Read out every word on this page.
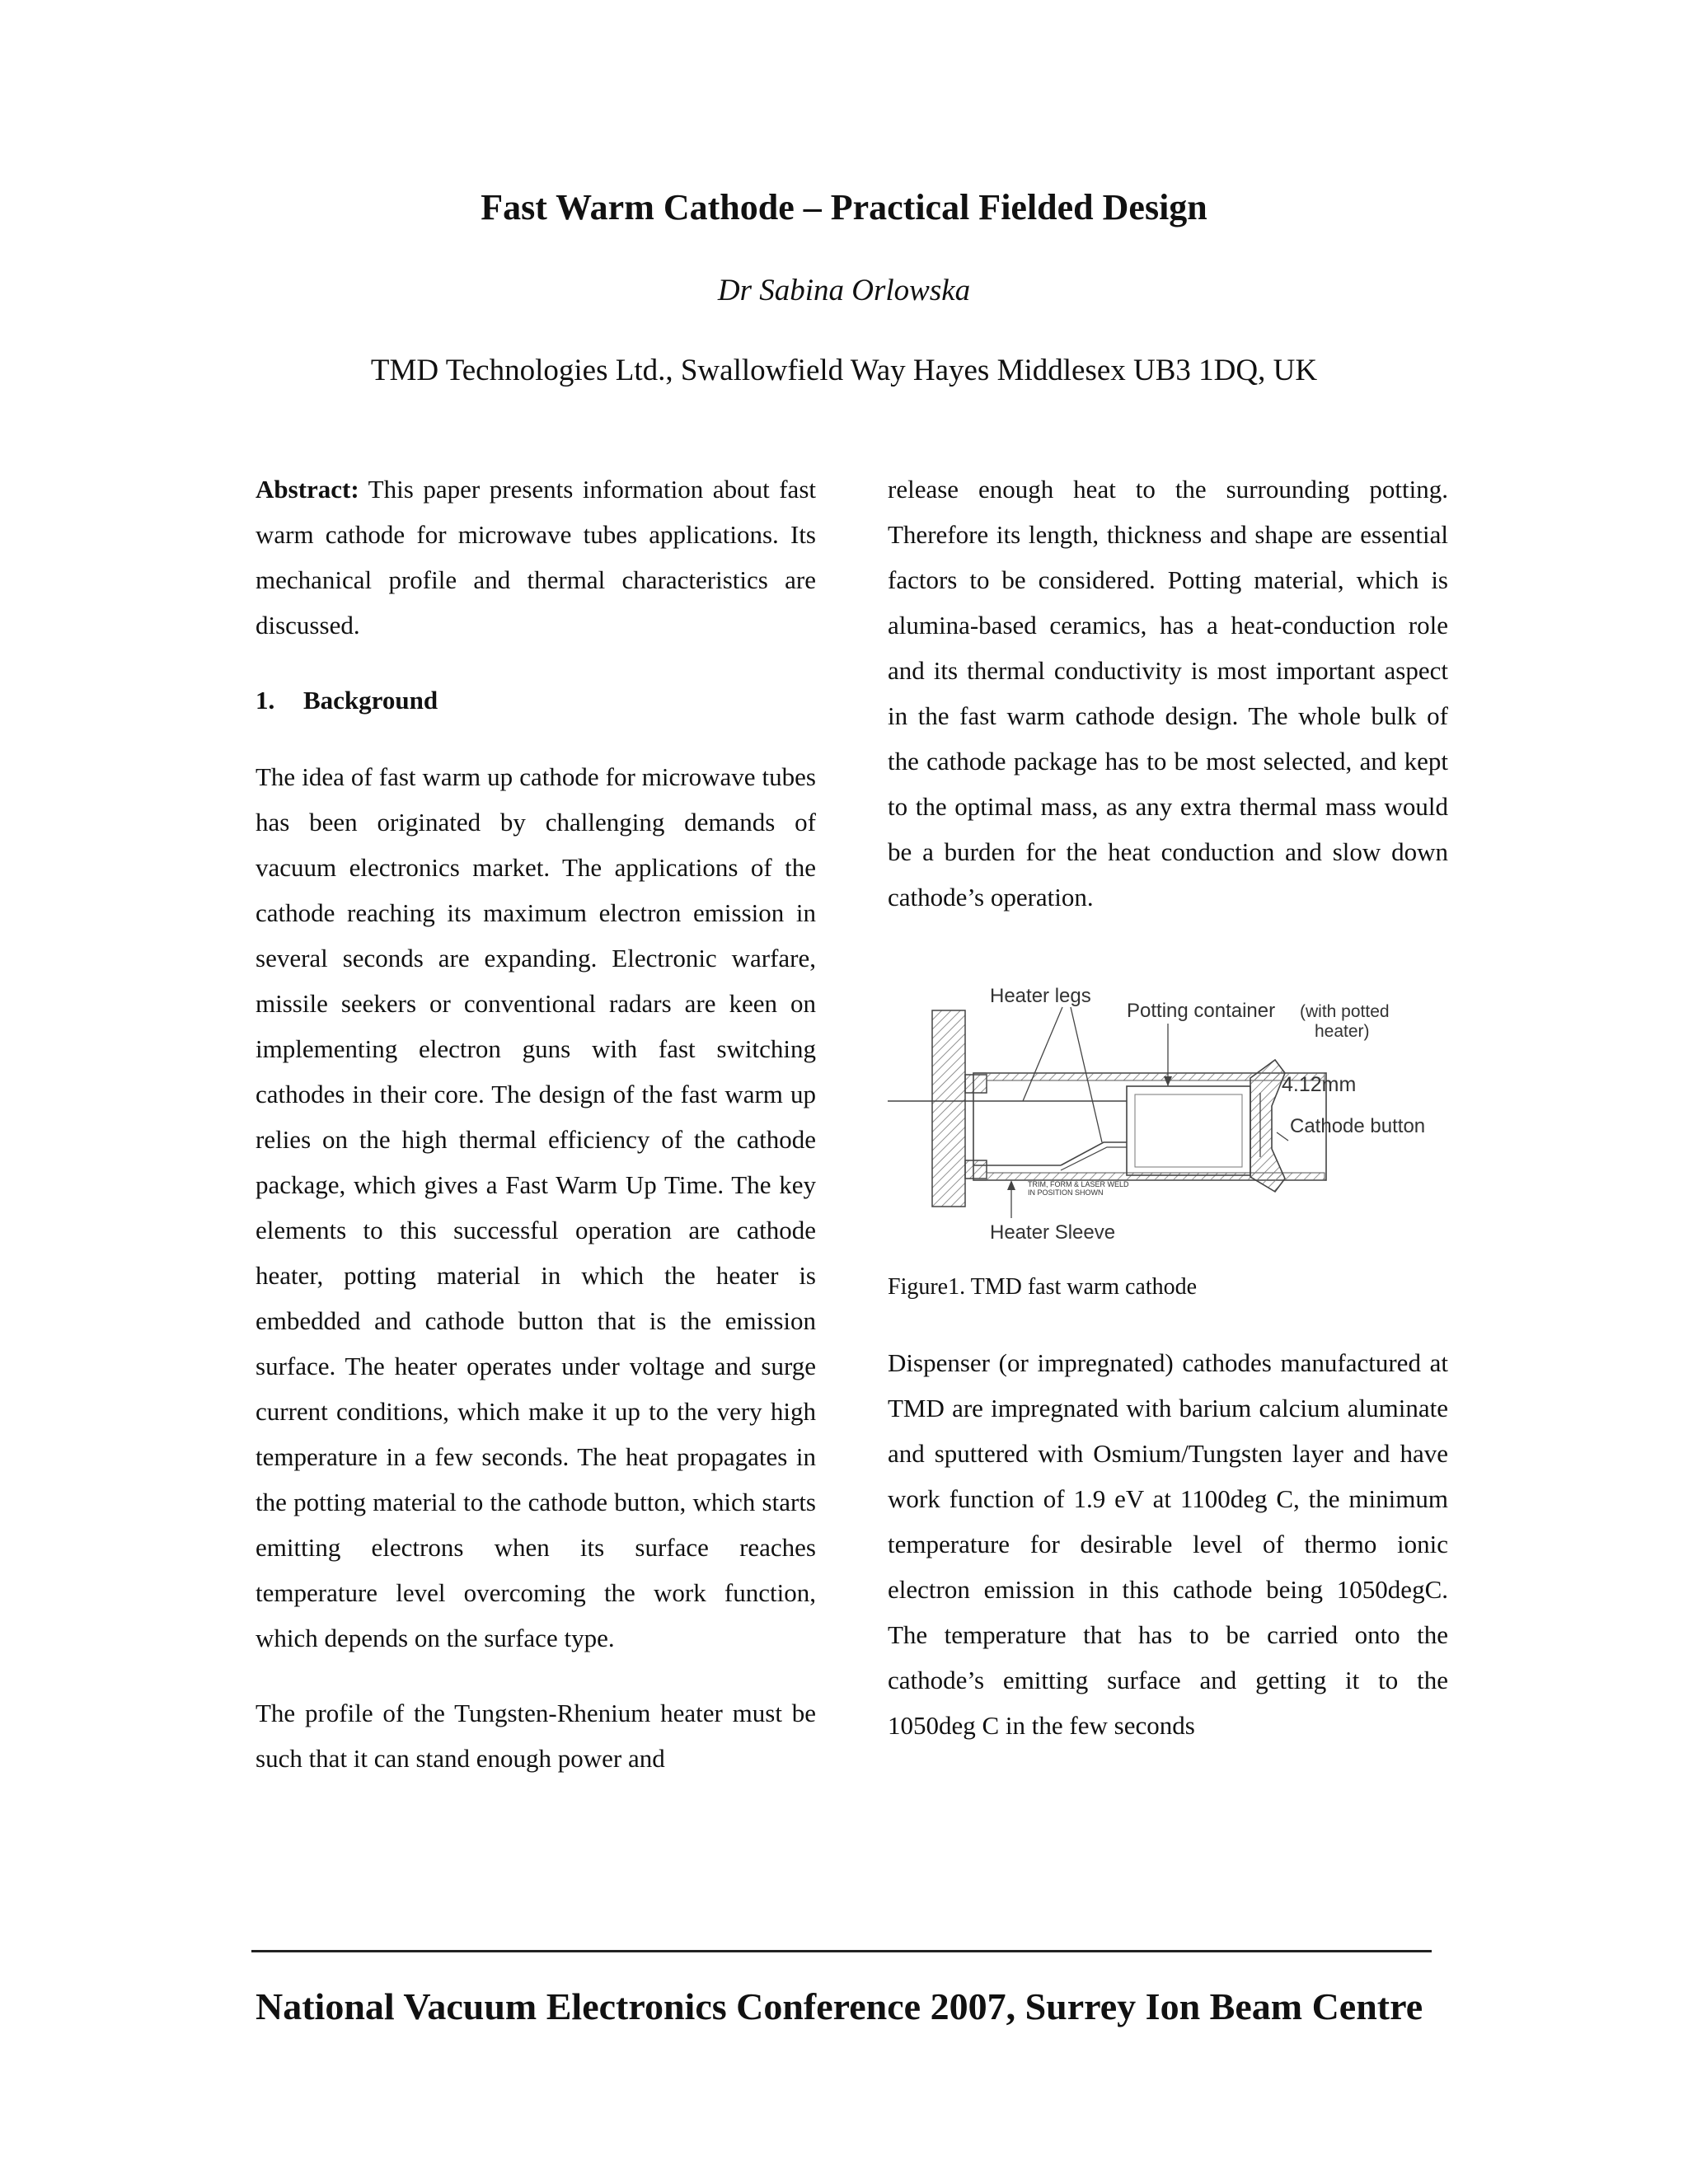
Fast Warm Cathode – Practical Fielded Design
Dr Sabina Orlowska
TMD Technologies Ltd., Swallowfield Way Hayes Middlesex UB3 1DQ, UK

Abstract: This paper presents information about fast warm cathode for microwave tubes applications. Its mechanical profile and thermal characteristics are discussed.

1. Background

The idea of fast warm up cathode for microwave tubes has been originated by challenging demands of vacuum electronics market. The applications of the cathode reaching its maximum electron emission in several seconds are expanding. Electronic warfare, missile seekers or conventional radars are keen on implementing electron guns with fast switching cathodes in their core. The design of the fast warm up relies on the high thermal efficiency of the cathode package, which gives a Fast Warm Up Time. The key elements to this successful operation are cathode heater, potting material in which the heater is embedded and cathode button that is the emission surface. The heater operates under voltage and surge current conditions, which make it up to the very high temperature in a few seconds. The heat propagates in the potting material to the cathode button, which starts emitting electrons when its surface reaches temperature level overcoming the work function, which depends on the surface type.

The profile of the Tungsten-Rhenium heater must be such that it can stand enough power and

release enough heat to the surrounding potting. Therefore its length, thickness and shape are essential factors to be considered. Potting material, which is alumina-based ceramics, has a heat-conduction role and its thermal conductivity is most important aspect in the fast warm cathode design. The whole bulk of the cathode package has to be most selected, and kept to the optimal mass, as any extra thermal mass would be a burden for the heat conduction and slow down cathode’s operation.

Heater legs
Potting container (with potted
heater)
4.12mm
Cathode button
TRIM, FORM & LASER WELD
IN POSITION SHOWN
Heater Sleeve
Figure1. TMD fast warm cathode

Dispenser (or impregnated) cathodes manufactured at TMD are impregnated with barium calcium aluminate and sputtered with Osmium/Tungsten layer and have work function of 1.9 eV at 1100deg C, the minimum temperature for desirable level of thermo ionic electron emission in this cathode being 1050degC. The temperature that has to be carried onto the cathode’s emitting surface and getting it to the 1050deg C in the few seconds

National Vacuum Electronics Conference 2007, Surrey Ion Beam Centre
